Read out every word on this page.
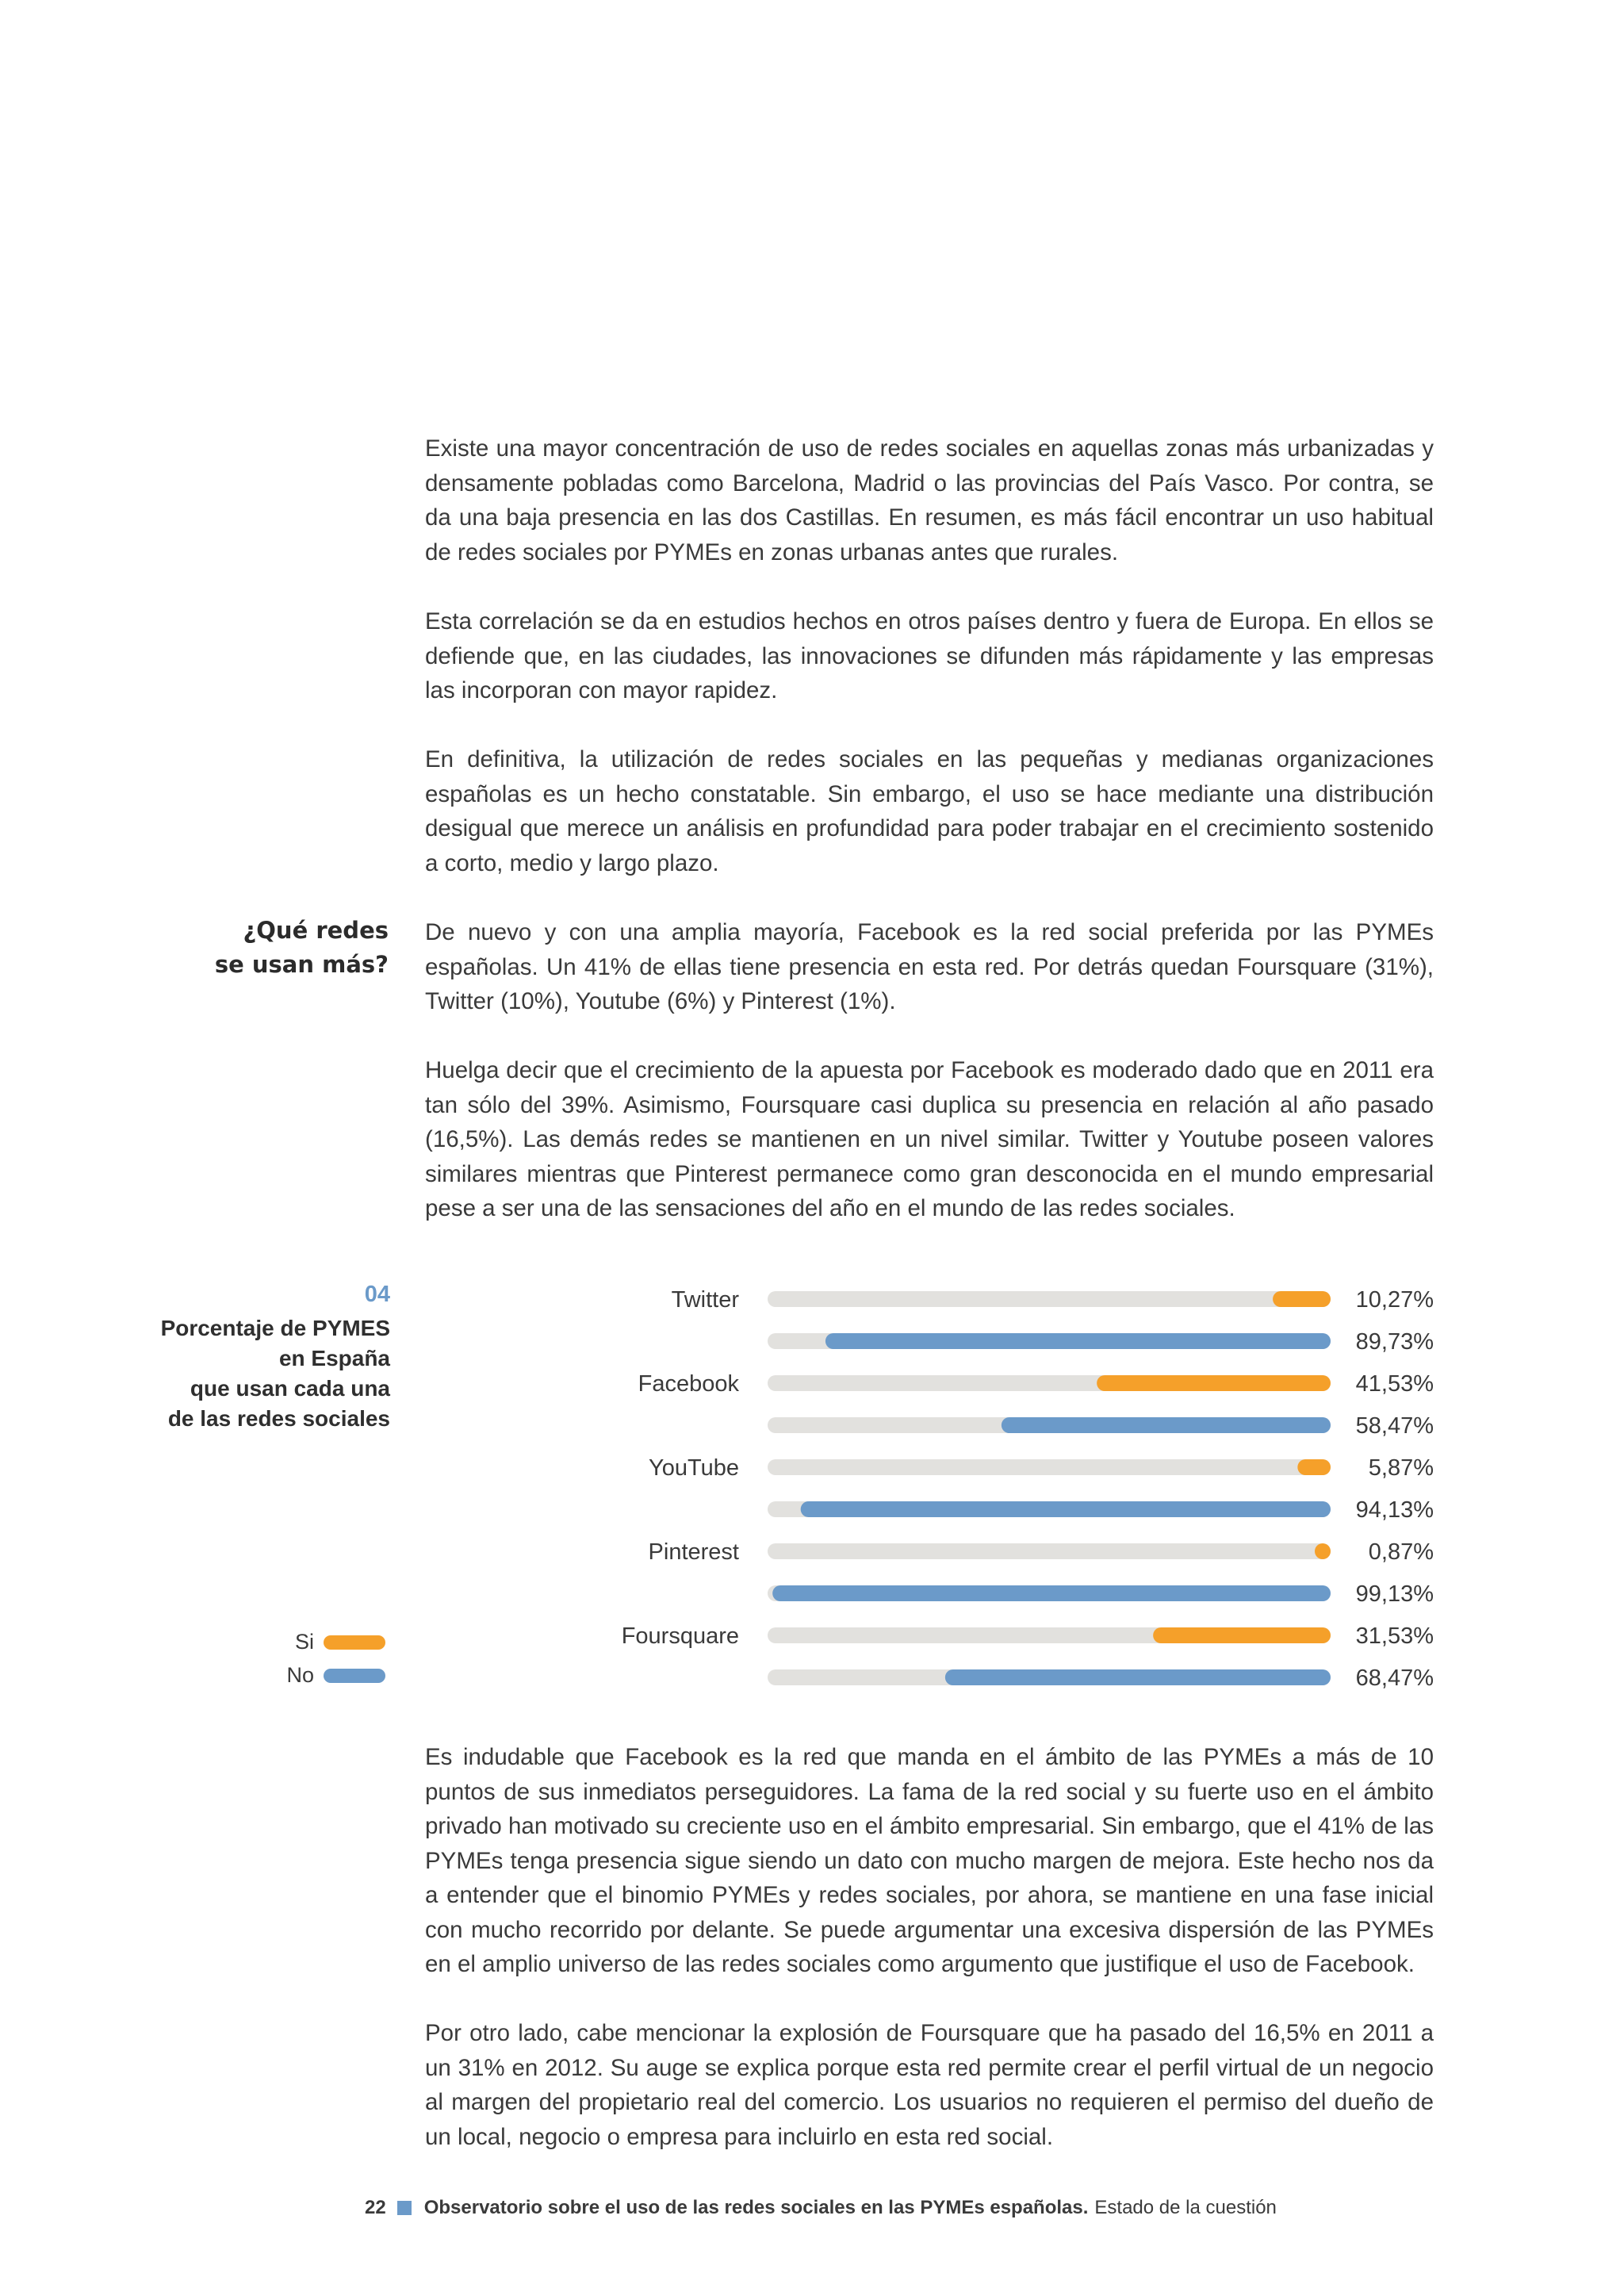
Existe una mayor concentración de uso de redes sociales en aquellas zonas más urbanizadas y densamente pobladas como Barcelona, Madrid o las provincias del País Vasco. Por contra, se da una baja presencia en las dos Castillas. En resumen, es más fácil encontrar un uso habitual de redes sociales por PYMEs en zonas urbanas antes que rurales.

Esta correlación se da en estudios hechos en otros países dentro y fuera de Europa. En ellos se defiende que, en las ciudades, las innovaciones se difunden más rápidamente y las empresas las incorporan con mayor rapidez.

En definitiva, la utilización de redes sociales en las pequeñas y medianas organizaciones españolas es un hecho constatable. Sin embargo, el uso se hace mediante una distribución desigual que merece un análisis en profundidad para poder trabajar en el crecimiento sostenido a corto, medio y largo plazo.

¿Qué redes
se usan más?

De nuevo y con una amplia mayoría, Facebook es la red social preferida por las PYMEs españolas. Un 41% de ellas tiene presencia en esta red. Por detrás quedan Foursquare (31%), Twitter (10%), Youtube (6%) y Pinterest (1%).

Huelga decir que el crecimiento de la apuesta por Facebook es moderado dado que en 2011 era tan sólo del 39%. Asimismo, Foursquare casi duplica su presencia en relación al año pasado (16,5%). Las demás redes se mantienen en un nivel similar. Twitter y Youtube poseen valores similares mientras que Pinterest permanece como gran desconocida en el mundo empresarial pese a ser una de las sensaciones del año en el mundo de las redes sociales.

04
Porcentaje de PYMES
en España
que usan cada una
de las redes sociales
Si
No
10,27%
89,73%
Twitter
41,53%
58,47%
Facebook
5,87%
94,13%
YouTube
0,87%
99,13%
Pinterest
31,53%
68,47%
Foursquare

Es indudable que Facebook es la red que manda en el ámbito de las PYMEs a más de 10 puntos de sus inmediatos perseguidores. La fama de la red social y su fuerte uso en el ámbito privado han motivado su creciente uso en el ámbito empresarial. Sin embargo, que el 41% de las PYMEs tenga presencia sigue siendo un dato con mucho margen de mejora. Este hecho nos da a entender que el binomio PYMEs y redes sociales, por ahora, se mantiene en una fase inicial con mucho recorrido por delante. Se puede argumentar una excesiva dispersión de las PYMEs en el amplio universo de las redes sociales como argumento que justifique el uso de Facebook.

Por otro lado, cabe mencionar la explosión de Foursquare que ha pasado del 16,5% en 2011 a un 31% en 2012. Su auge se explica porque esta red permite crear el perfil virtual de un negocio al margen del propietario real del comercio. Los usuarios no requieren el permiso del dueño de un local, negocio o empresa para incluirlo en esta red social.

22 Observatorio sobre el uso de las redes sociales en las PYMEs españolas. Estado de la cuestión
